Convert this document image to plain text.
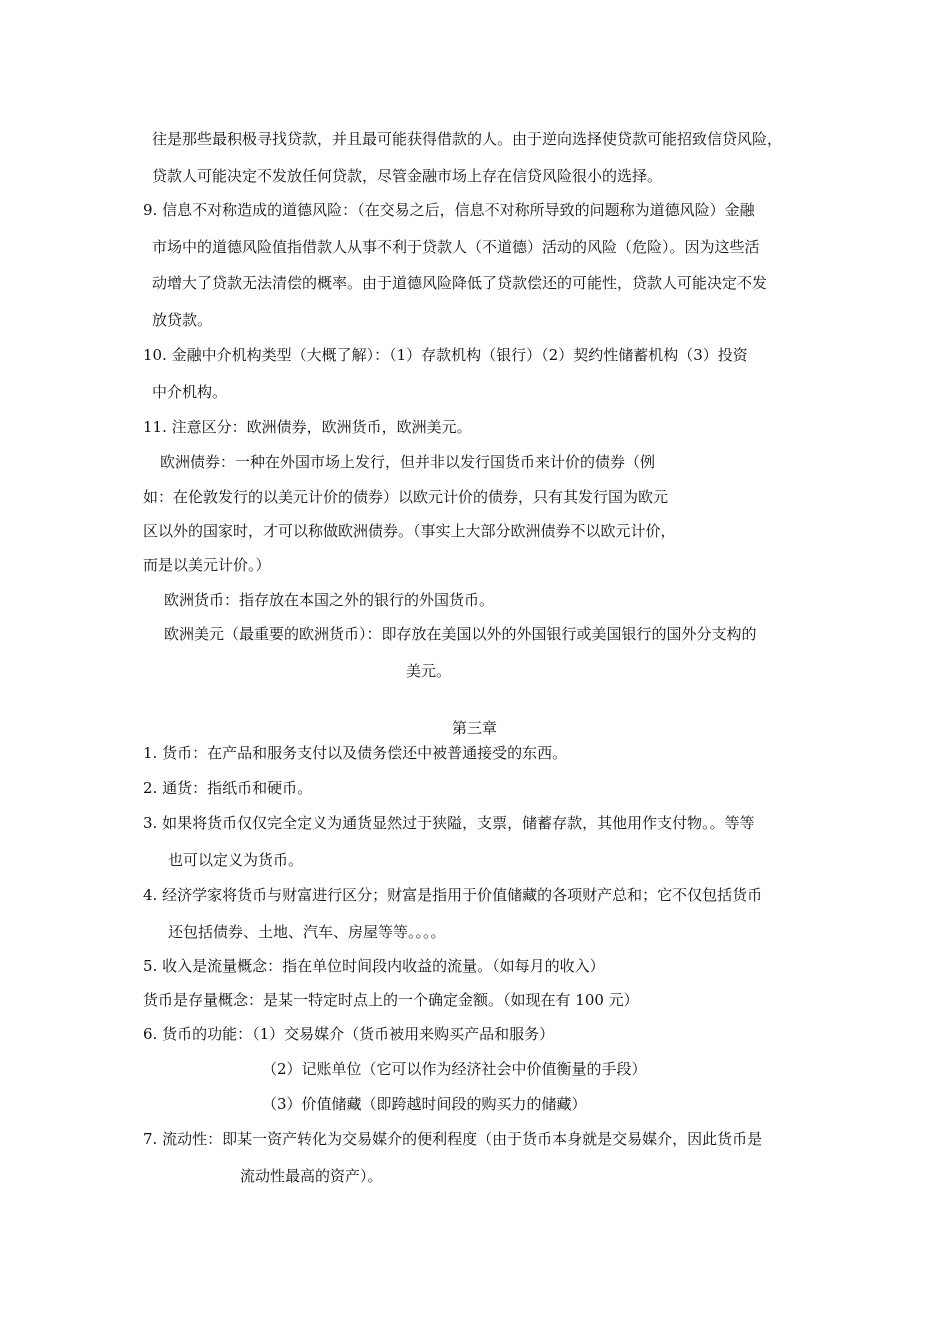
往是那些最积极寻找贷款，并且最可能获得借款的人。由于逆向选择使贷款可能招致信贷风险，
贷款人可能决定不发放任何贷款，尽管金融市场上存在信贷风险很小的选择。
9. 信息不对称造成的道德风险：（在交易之后，信息不对称所导致的问题称为道德风险）金融
市场中的道德风险值指借款人从事不利于贷款人（不道德）活动的风险（危险）。因为这些活
动增大了贷款无法清偿的概率。由于道德风险降低了贷款偿还的可能性，贷款人可能决定不发
放贷款。
10. 金融中介机构类型（大概了解）：（1）存款机构（银行）（2）契约性储蓄机构（3）投资
中介机构。
11. 注意区分：欧洲债券，欧洲货币，欧洲美元。
欧洲债券：一种在外国市场上发行，但并非以发行国货币来计价的债券（例
如：在伦敦发行的以美元计价的债券）以欧元计价的债券，只有其发行国为欧元
区以外的国家时，才可以称做欧洲债券。（事实上大部分欧洲债券不以欧元计价，
而是以美元计价。）
欧洲货币：指存放在本国之外的银行的外国货币。
欧洲美元（最重要的欧洲货币）：即存放在美国以外的外国银行或美国银行的国外分支构的
美元。
第三章
1. 货币：在产品和服务支付以及债务偿还中被普通接受的东西。
2. 通货：指纸币和硬币。
3. 如果将货币仅仅完全定义为通货显然过于狭隘，支票，储蓄存款，其他用作支付物。。等等
也可以定义为货币。
4. 经济学家将货币与财富进行区分；财富是指用于价值储藏的各项财产总和；它不仅包括货币
还包括债券、土地、汽车、房屋等等。。。。
5. 收入是流量概念：指在单位时间段内收益的流量。（如每月的收入）
货币是存量概念：是某一特定时点上的一个确定金额。（如现在有 100 元）
6. 货币的功能：（1）交易媒介（货币被用来购买产品和服务）
（2）记账单位（它可以作为经济社会中价值衡量的手段）
（3）价值储藏（即跨越时间段的购买力的储藏）
7. 流动性：即某一资产转化为交易媒介的便利程度（由于货币本身就是交易媒介，因此货币是
流动性最高的资产）。
